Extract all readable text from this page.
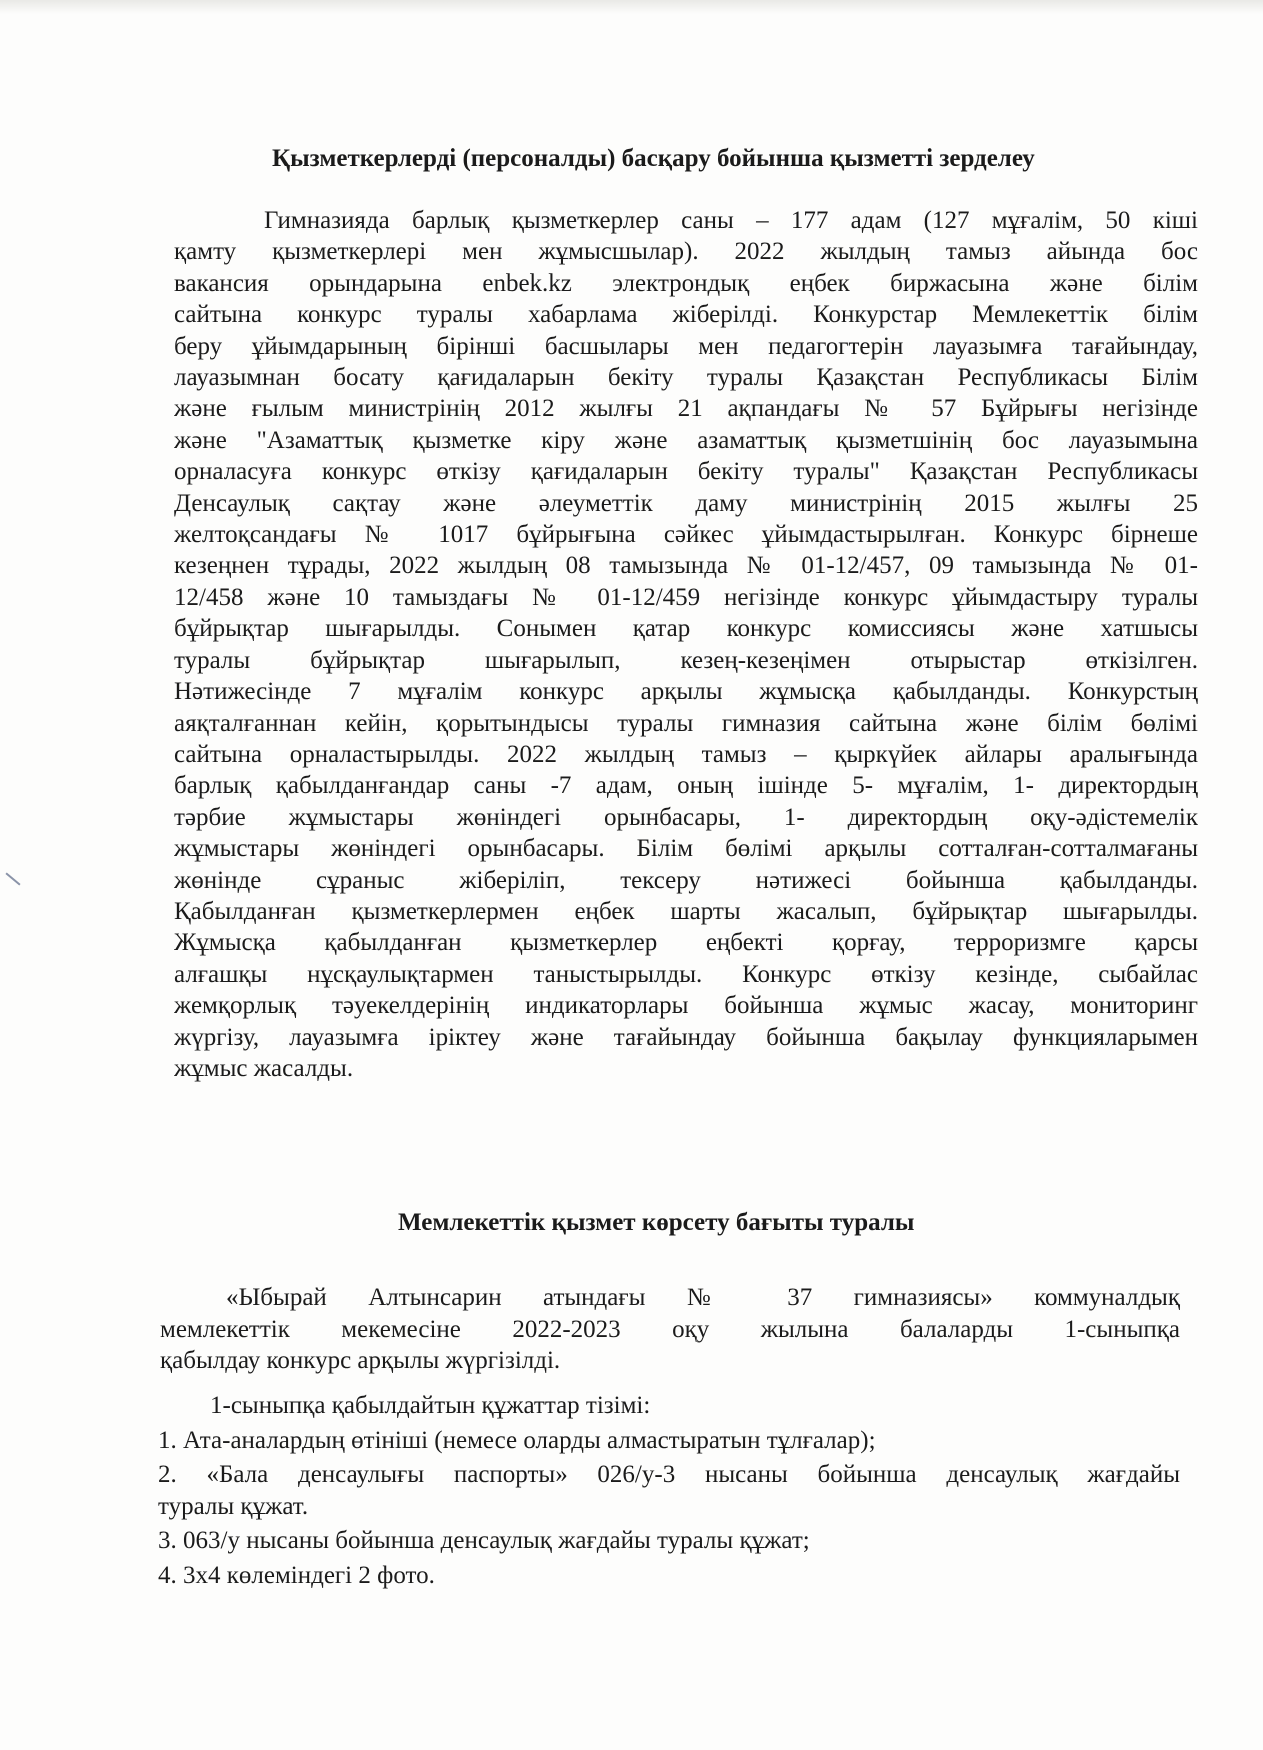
Қызметкерлерді (персоналды) басқару бойынша қызметті зерделеу
Гимназияда барлық қызметкерлер саны – 177 адам (127 мұғалім, 50 кіші
қамту қызметкерлері мен жұмысшылар). 2022 жылдың тамыз айында бос
вакансия орындарына enbek.kz электрондық еңбек биржасына және білім
сайтына конкурс туралы хабарлама жіберілді. Конкурстар Мемлекеттік білім
беру ұйымдарының бірінші басшылары мен педагогтерін лауазымға тағайындау,
лауазымнан босату қағидаларын бекіту туралы Қазақстан Республикасы Білім
және ғылым министрінің 2012 жылғы 21 ақпандағы № 57 Бұйрығы негізінде
және "Азаматтық қызметке кіру және азаматтық қызметшінің бос лауазымына
орналасуға конкурс өткізу қағидаларын бекіту туралы" Қазақстан Республикасы
Денсаулық сақтау және әлеуметтік даму министрінің 2015 жылғы 25
желтоқсандағы № 1017 бұйрығына сәйкес ұйымдастырылған. Конкурс бірнеше
кезеңнен тұрады, 2022 жылдың 08 тамызында № 01-12/457, 09 тамызында № 01-
12/458 және 10 тамыздағы № 01-12/459 негізінде конкурс ұйымдастыру туралы
бұйрықтар шығарылды. Сонымен қатар конкурс комиссиясы және хатшысы
туралы бұйрықтар шығарылып, кезең-кезеңімен отырыстар өткізілген.
Нәтижесінде 7 мұғалім конкурс арқылы жұмысқа қабылданды. Конкурстың
аяқталғаннан кейін, қорытындысы туралы гимназия сайтына және білім бөлімі
сайтына орналастырылды. 2022 жылдың тамыз – қыркүйек айлары аралығында
барлық қабылданғандар саны -7 адам, оның ішінде 5- мұғалім, 1- директордың
тәрбие жұмыстары жөніндегі орынбасары, 1- директордың оқу-әдістемелік
жұмыстары жөніндегі орынбасары. Білім бөлімі арқылы сотталған-сотталмағаны
жөнінде сұраныс жіберіліп, тексеру нәтижесі бойынша қабылданды.
Қабылданған қызметкерлермен еңбек шарты жасалып, бұйрықтар шығарылды.
Жұмысқа қабылданған қызметкерлер еңбекті қорғау, терроризмге қарсы
алғашқы нұсқаулықтармен таныстырылды. Конкурс өткізу кезінде, сыбайлас
жемқорлық тәуекелдерінің индикаторлары бойынша жұмыс жасау, мониторинг
жүргізу, лауазымға іріктеу және тағайындау бойынша бақылау функцияларымен
жұмыс жасалды.
Мемлекеттік қызмет көрсету бағыты туралы
«Ыбырай Алтынсарин атындағы № 37 гимназиясы» коммуналдық
мемлекеттік мекемесіне 2022-2023 оқу жылына балаларды 1-сыныпқа
қабылдау конкурс арқылы жүргізілді.
1-сыныпқа қабылдайтын құжаттар тізімі:
1. Ата-аналардың өтініші (немесе оларды алмастыратын тұлғалар);
2. «Бала денсаулығы паспорты» 026/у-3 нысаны бойынша денсаулық жағдайы
туралы құжат.
3. 063/у нысаны бойынша денсаулық жағдайы туралы құжат;
4. 3х4 көлеміндегі 2 фото.
